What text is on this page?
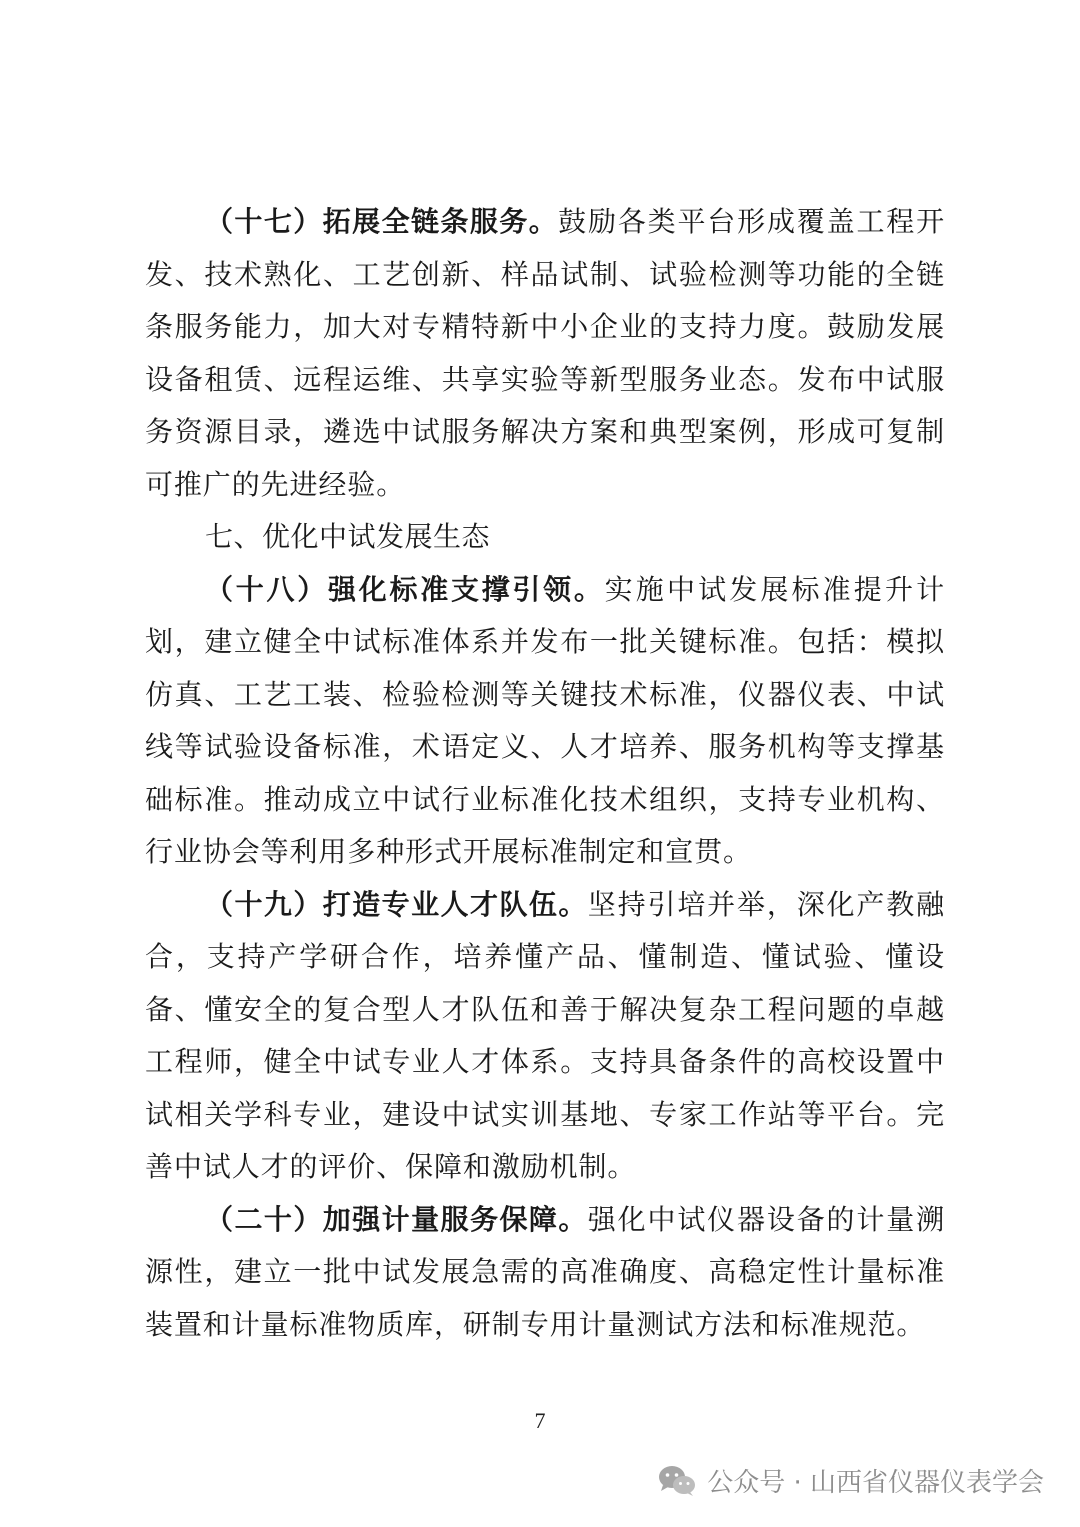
（十七）拓展全链条服务。鼓励各类平台形成覆盖工程开发、技术熟化、工艺创新、样品试制、试验检测等功能的全链条服务能力，加大对专精特新中小企业的支持力度。鼓励发展设备租赁、远程运维、共享实验等新型服务业态。发布中试服务资源目录，遴选中试服务解决方案和典型案例，形成可复制可推广的先进经验。

七、优化中试发展生态

（十八）强化标准支撑引领。实施中试发展标准提升计划，建立健全中试标准体系并发布一批关键标准。包括：模拟仿真、工艺工装、检验检测等关键技术标准，仪器仪表、中试线等试验设备标准，术语定义、人才培养、服务机构等支撑基础标准。推动成立中试行业标准化技术组织，支持专业机构、行业协会等利用多种形式开展标准制定和宣贯。

（十九）打造专业人才队伍。坚持引培并举，深化产教融合，支持产学研合作，培养懂产品、懂制造、懂试验、懂设备、懂安全的复合型人才队伍和善于解决复杂工程问题的卓越工程师，健全中试专业人才体系。支持具备条件的高校设置中试相关学科专业，建设中试实训基地、专家工作站等平台。完善中试人才的评价、保障和激励机制。

（二十）加强计量服务保障。强化中试仪器设备的计量溯源性，建立一批中试发展急需的高准确度、高稳定性计量标准装置和计量标准物质库，研制专用计量测试方法和标准规范。

7
公众号 · 山西省仪器仪表学会
